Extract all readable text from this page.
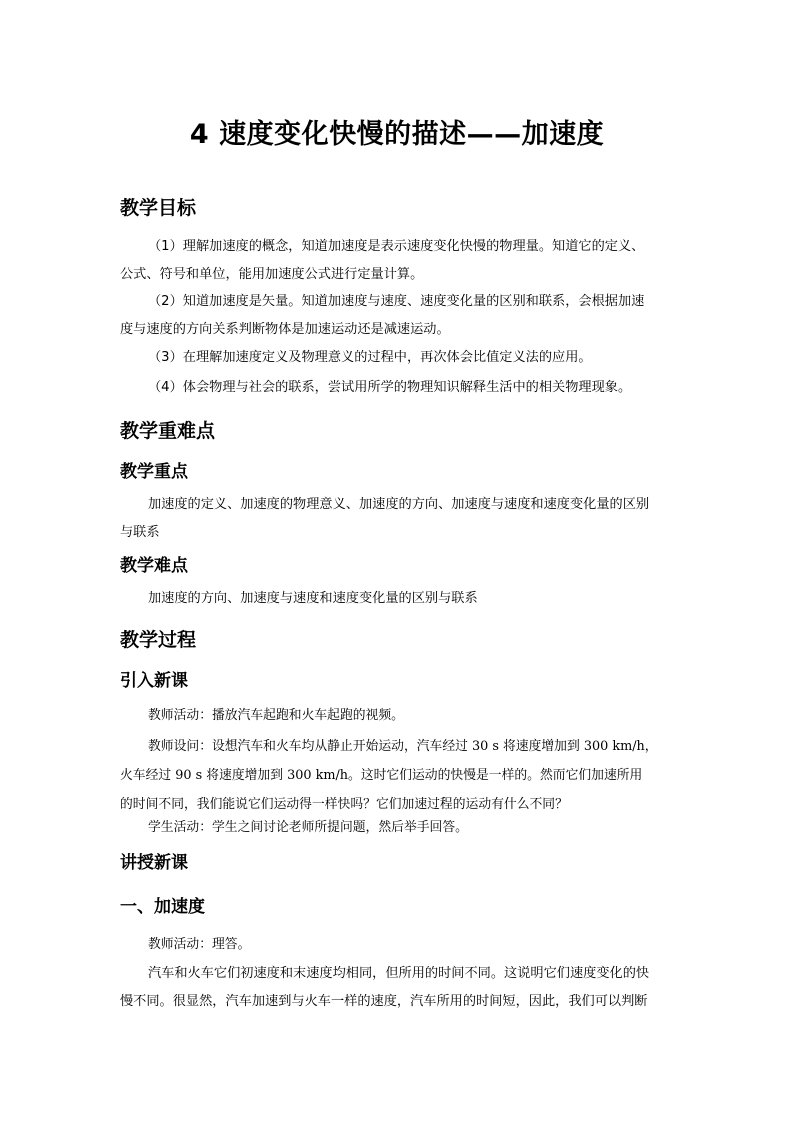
4 速度变化快慢的描述——加速度
教学目标
（1）理解加速度的概念，知道加速度是表示速度变化快慢的物理量。知道它的定义、
公式、符号和单位，能用加速度公式进行定量计算。
（2）知道加速度是矢量。知道加速度与速度、速度变化量的区别和联系，会根据加速
度与速度的方向关系判断物体是加速运动还是减速运动。
（3）在理解加速度定义及物理意义的过程中，再次体会比值定义法的应用。
（4）体会物理与社会的联系，尝试用所学的物理知识解释生活中的相关物理现象。
教学重难点
教学重点
加速度的定义、加速度的物理意义、加速度的方向、加速度与速度和速度变化量的区别
与联系
教学难点
加速度的方向、加速度与速度和速度变化量的区别与联系
教学过程
引入新课
教师活动：播放汽车起跑和火车起跑的视频。
教师设问：设想汽车和火车均从静止开始运动，汽车经过 30 s 将速度增加到 300 km/h，
火车经过 90 s 将速度增加到 300 km/h。这时它们运动的快慢是一样的。然而它们加速所用
的时间不同，我们能说它们运动得一样快吗？它们加速过程的运动有什么不同？
学生活动：学生之间讨论老师所提问题，然后举手回答。
讲授新课
一、加速度
教师活动：理答。
汽车和火车它们初速度和末速度均相同，但所用的时间不同。这说明它们速度变化的快
慢不同。很显然，汽车加速到与火车一样的速度，汽车所用的时间短，因此，我们可以判断
